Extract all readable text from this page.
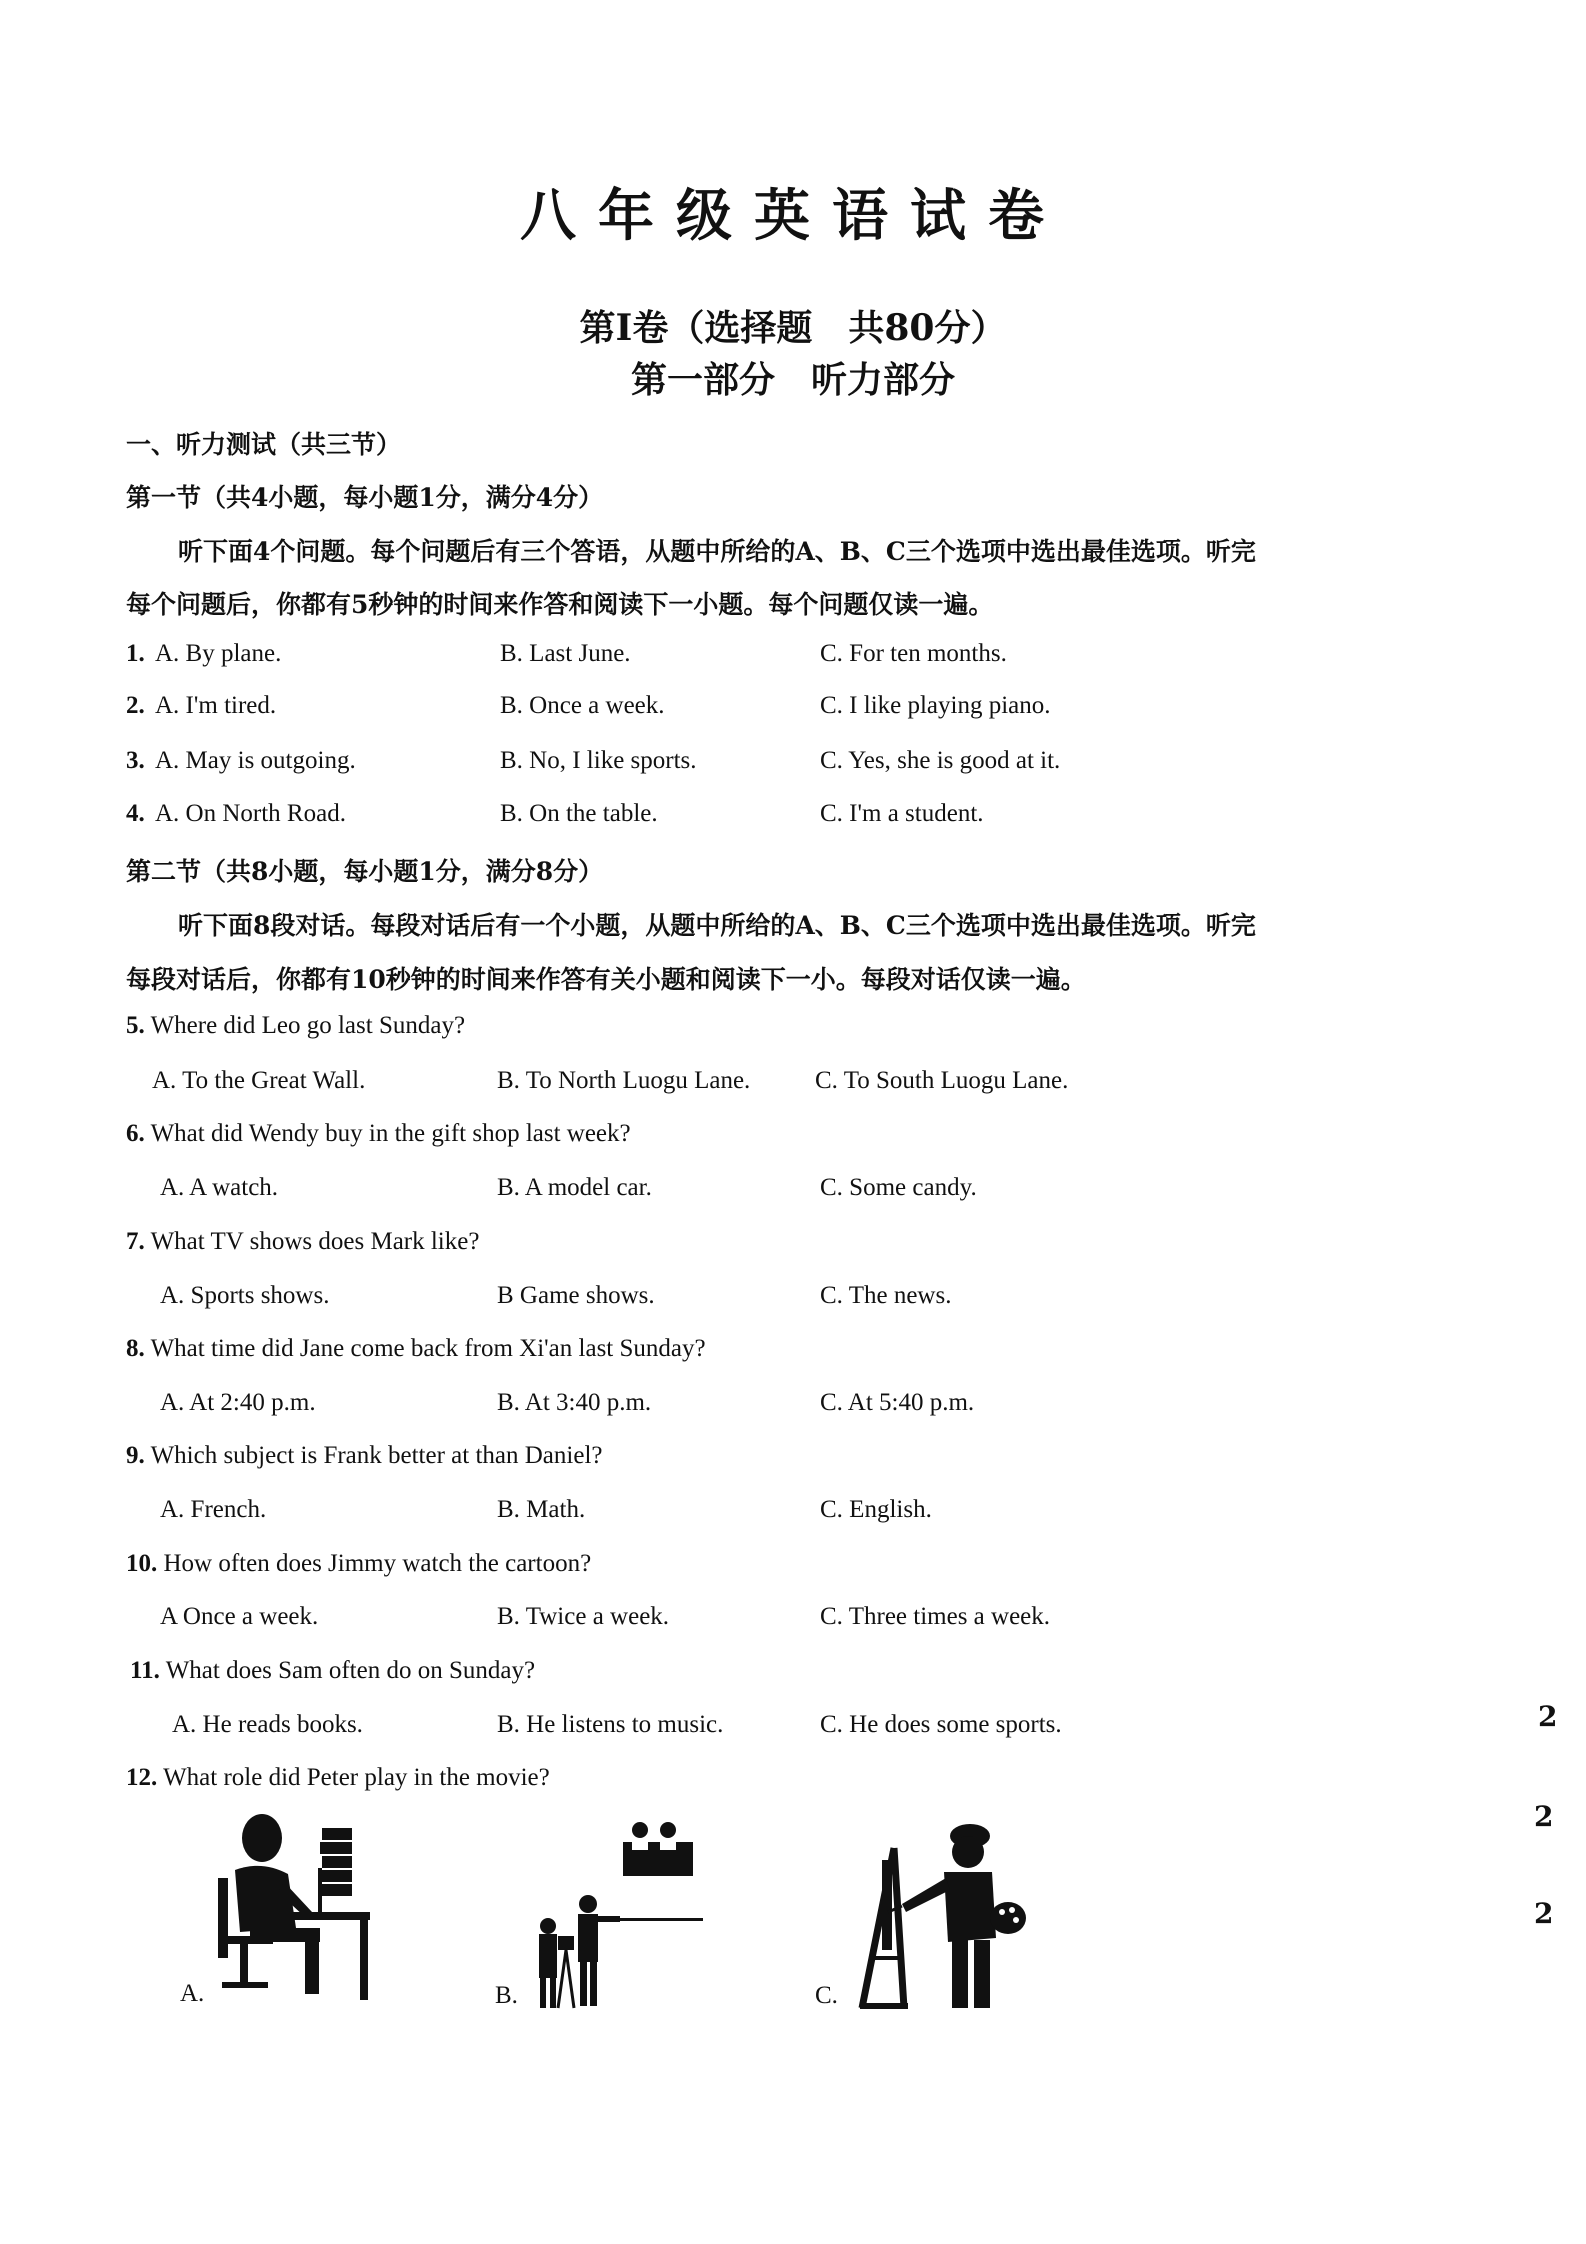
八年级英语试卷
第Ⅰ卷（选择题　共80分）
第一部分　听力部分
一、听力测试（共三节）
第一节（共4小题，每小题1分，满分4分）
听下面4个问题。每个问题后有三个答语，从题中所给的A、B、C三个选项中选出最佳选项。听完
每个问题后，你都有5秒钟的时间来作答和阅读下一小题。每个问题仅读一遍。
1. A. By plane.	B. Last June.	C. For ten months.
2. A. I'm tired.	B. Once a week.	C. I like playing piano.
3. A. May is outgoing.	B. No, I like sports.	C. Yes, she is good at it.
4. A. On North Road.	B. On the table.	C. I'm a student.
第二节（共8小题，每小题1分，满分8分）
听下面8段对话。每段对话后有一个小题，从题中所给的A、B、C三个选项中选出最佳选项。听完
每段对话后，你都有10秒钟的时间来作答有关小题和阅读下一小。每段对话仅读一遍。
5. Where did Leo go last Sunday?
A. To the Great Wall.	B. To North Luogu Lane.	C. To South Luogu Lane.
6. What did Wendy buy in the gift shop last week?
A. A watch.	B. A model car.	C. Some candy.
7. What TV shows does Mark like?
A. Sports shows.	B Game shows.	C. The news.
8. What time did Jane come back from Xi'an last Sunday?
A. At 2:40 p.m.	B. At 3:40 p.m.	C. At 5:40 p.m.
9. Which subject is Frank better at than Daniel?
A. French.	B. Math.	C. English.
10. How often does Jimmy watch the cartoon?
A Once a week.	B. Twice a week.	C. Three times a week.
11. What does Sam often do on Sunday?
A. He reads books.	B. He listens to music.	C. He does some sports.
12. What role did Peter play in the movie?
A.	B.	C.
2
2
2
